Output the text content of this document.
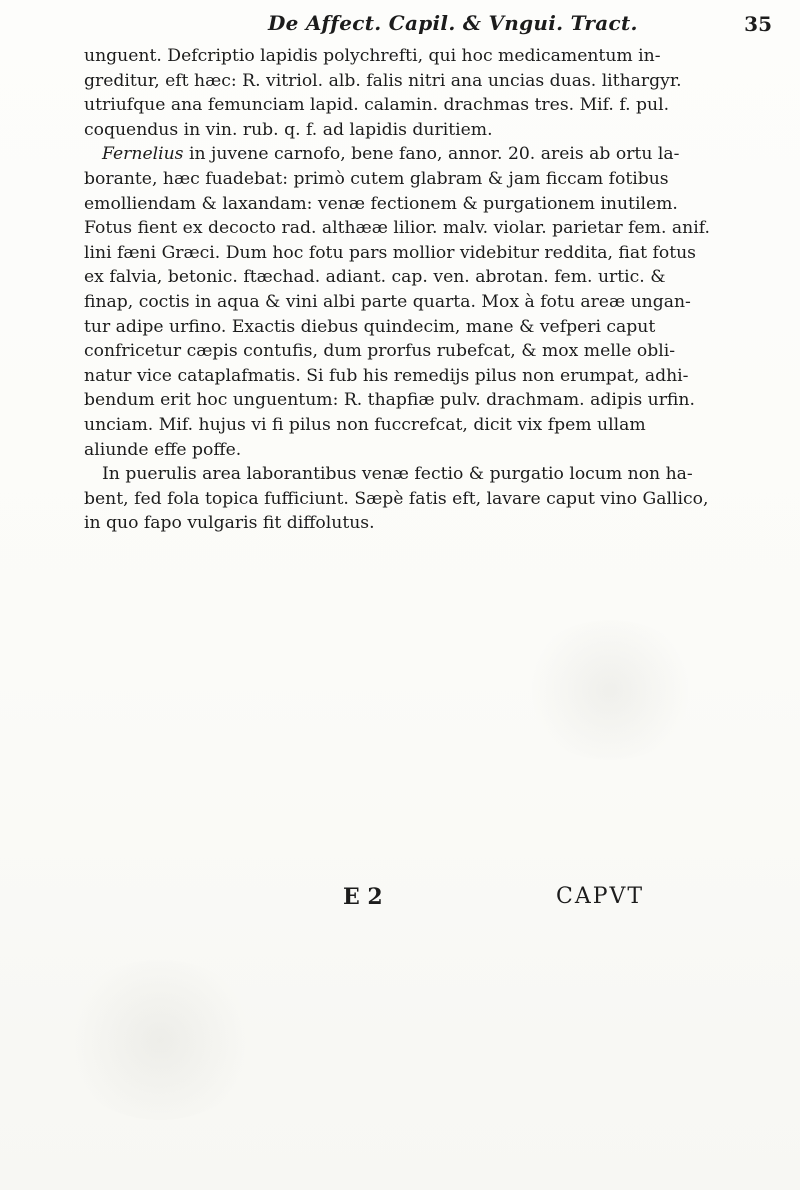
De Affect. Capil. & Vngui. Tract.	35
unguent. Defcriptio lapidis polychrefti, qui hoc medicamentum in-
greditur, eft hæc: R. vitriol. alb. falis nitri ana uncias duas. lithargyr.
utriufque ana femunciam lapid. calamin. drachmas tres. Mif. f. pul.
coquendus in vin. rub. q. f. ad lapidis duritiem.
Fernelius in juvene carnofo, bene fano, annor. 20. areis ab ortu la-
borante, hæc fuadebat: primò cutem glabram & jam ficcam fotibus
emolliendam & laxandam: venæ fectionem & purgationem inutilem.
Fotus fient ex decocto rad. althææ lilior. malv. violar. parietar fem. anif.
lini fæni Græci. Dum hoc fotu pars mollior videbitur reddita, fiat fotus
ex falvia, betonic. ftæchad. adiant. cap. ven. abrotan. fem. urtic. &
finap, coctis in aqua & vini albi parte quarta. Mox à fotu areæ ungan-
tur adipe urfino. Exactis diebus quindecim, mane & vefperi caput
confricetur cæpis contufis, dum prorfus rubefcat, & mox melle obli-
natur vice cataplafmatis. Si fub his remedijs pilus non erumpat, adhi-
bendum erit hoc unguentum: R. thapfiæ pulv. drachmam. adipis urfin.
unciam. Mif. hujus vi fi pilus non fuccrefcat, dicit vix fpem ullam
aliunde effe poffe.
In puerulis area laborantibus venæ fectio & purgatio locum non ha-
bent, fed fola topica fufficiunt. Sæpè fatis eft, lavare caput vino Gallico,
in quo fapo vulgaris fit diffolutus.
E 2	CAPVT
